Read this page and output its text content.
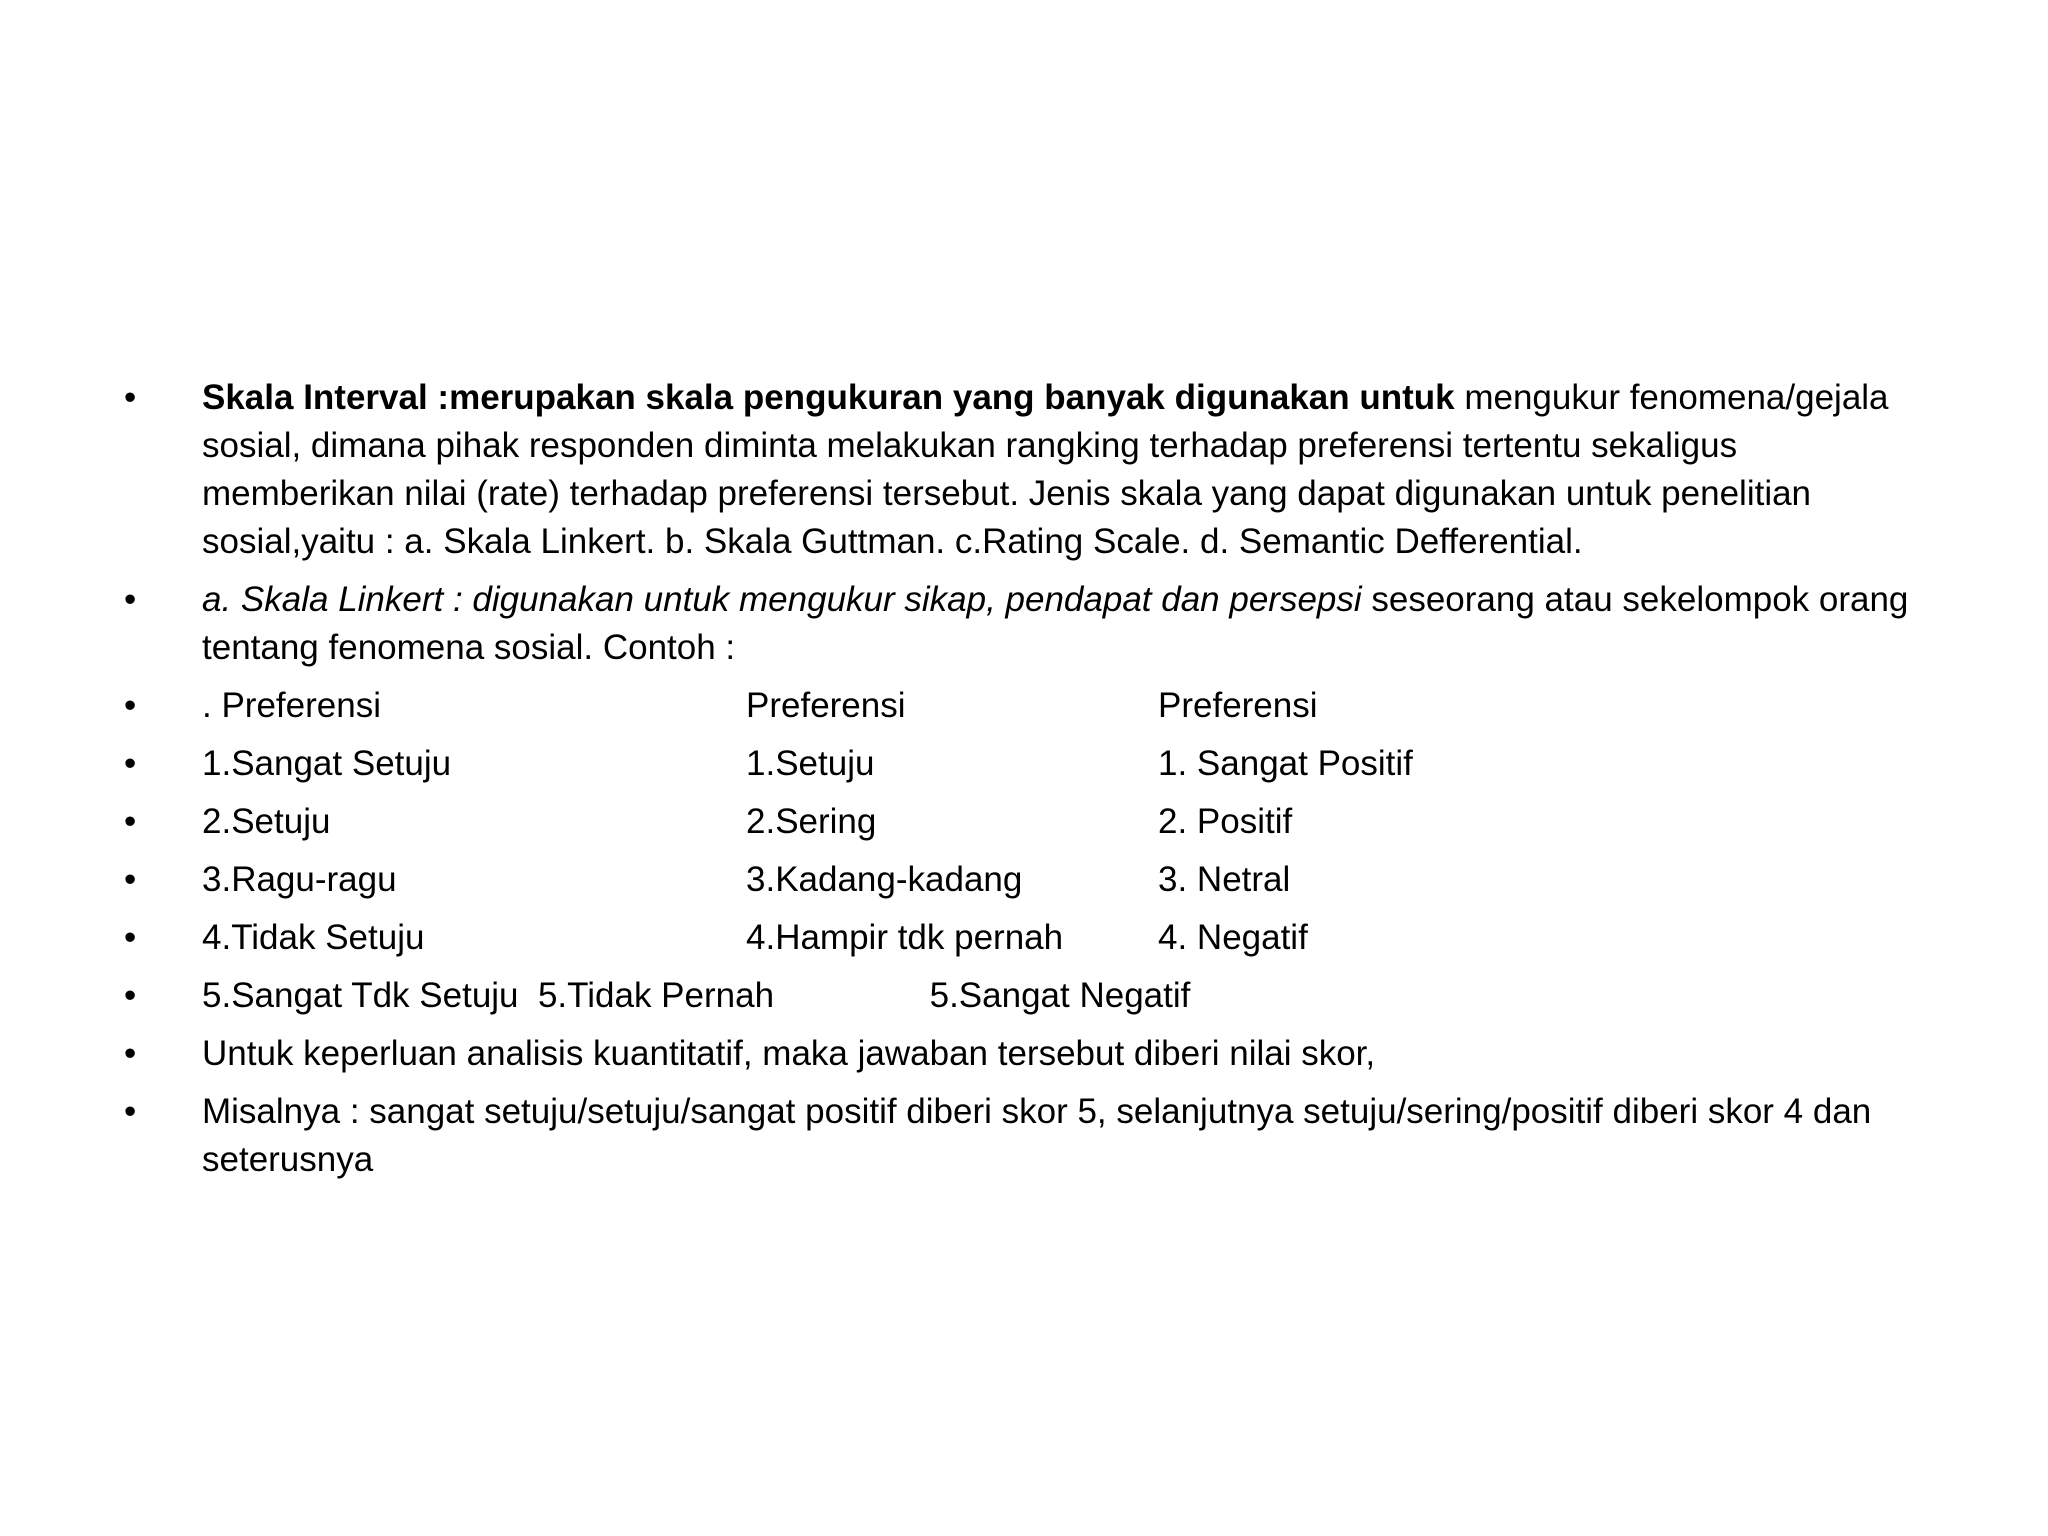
• Skala Interval :merupakan skala pengukuran yang banyak digunakan untuk mengukur fenomena/gejala sosial, dimana pihak responden diminta melakukan rangking terhadap preferensi tertentu sekaligus memberikan nilai (rate) terhadap preferensi tersebut. Jenis skala yang dapat digunakan untuk penelitian sosial,yaitu : a. Skala Linkert. b. Skala Guttman. c.Rating Scale. d. Semantic Defferential.
• a. Skala Linkert : digunakan untuk mengukur sikap, pendapat dan persepsi seseorang atau sekelompok orang tentang fenomena sosial. Contoh :
• . Preferensi	Preferensi	Preferensi
• 1.Sangat Setuju	1.Setuju	1. Sangat Positif
• 2.Setuju	2.Sering	2. Positif
• 3.Ragu-ragu	3.Kadang-kadang	3. Netral
• 4.Tidak Setuju	4.Hampir tdk pernah	4. Negatif
• 5.Sangat Tdk Setuju  5.Tidak Pernah                5.Sangat Negatif
• Untuk keperluan analisis kuantitatif, maka jawaban tersebut diberi nilai skor,
• Misalnya : sangat setuju/setuju/sangat positif diberi skor 5, selanjutnya setuju/sering/positif diberi skor 4 dan seterusnya
